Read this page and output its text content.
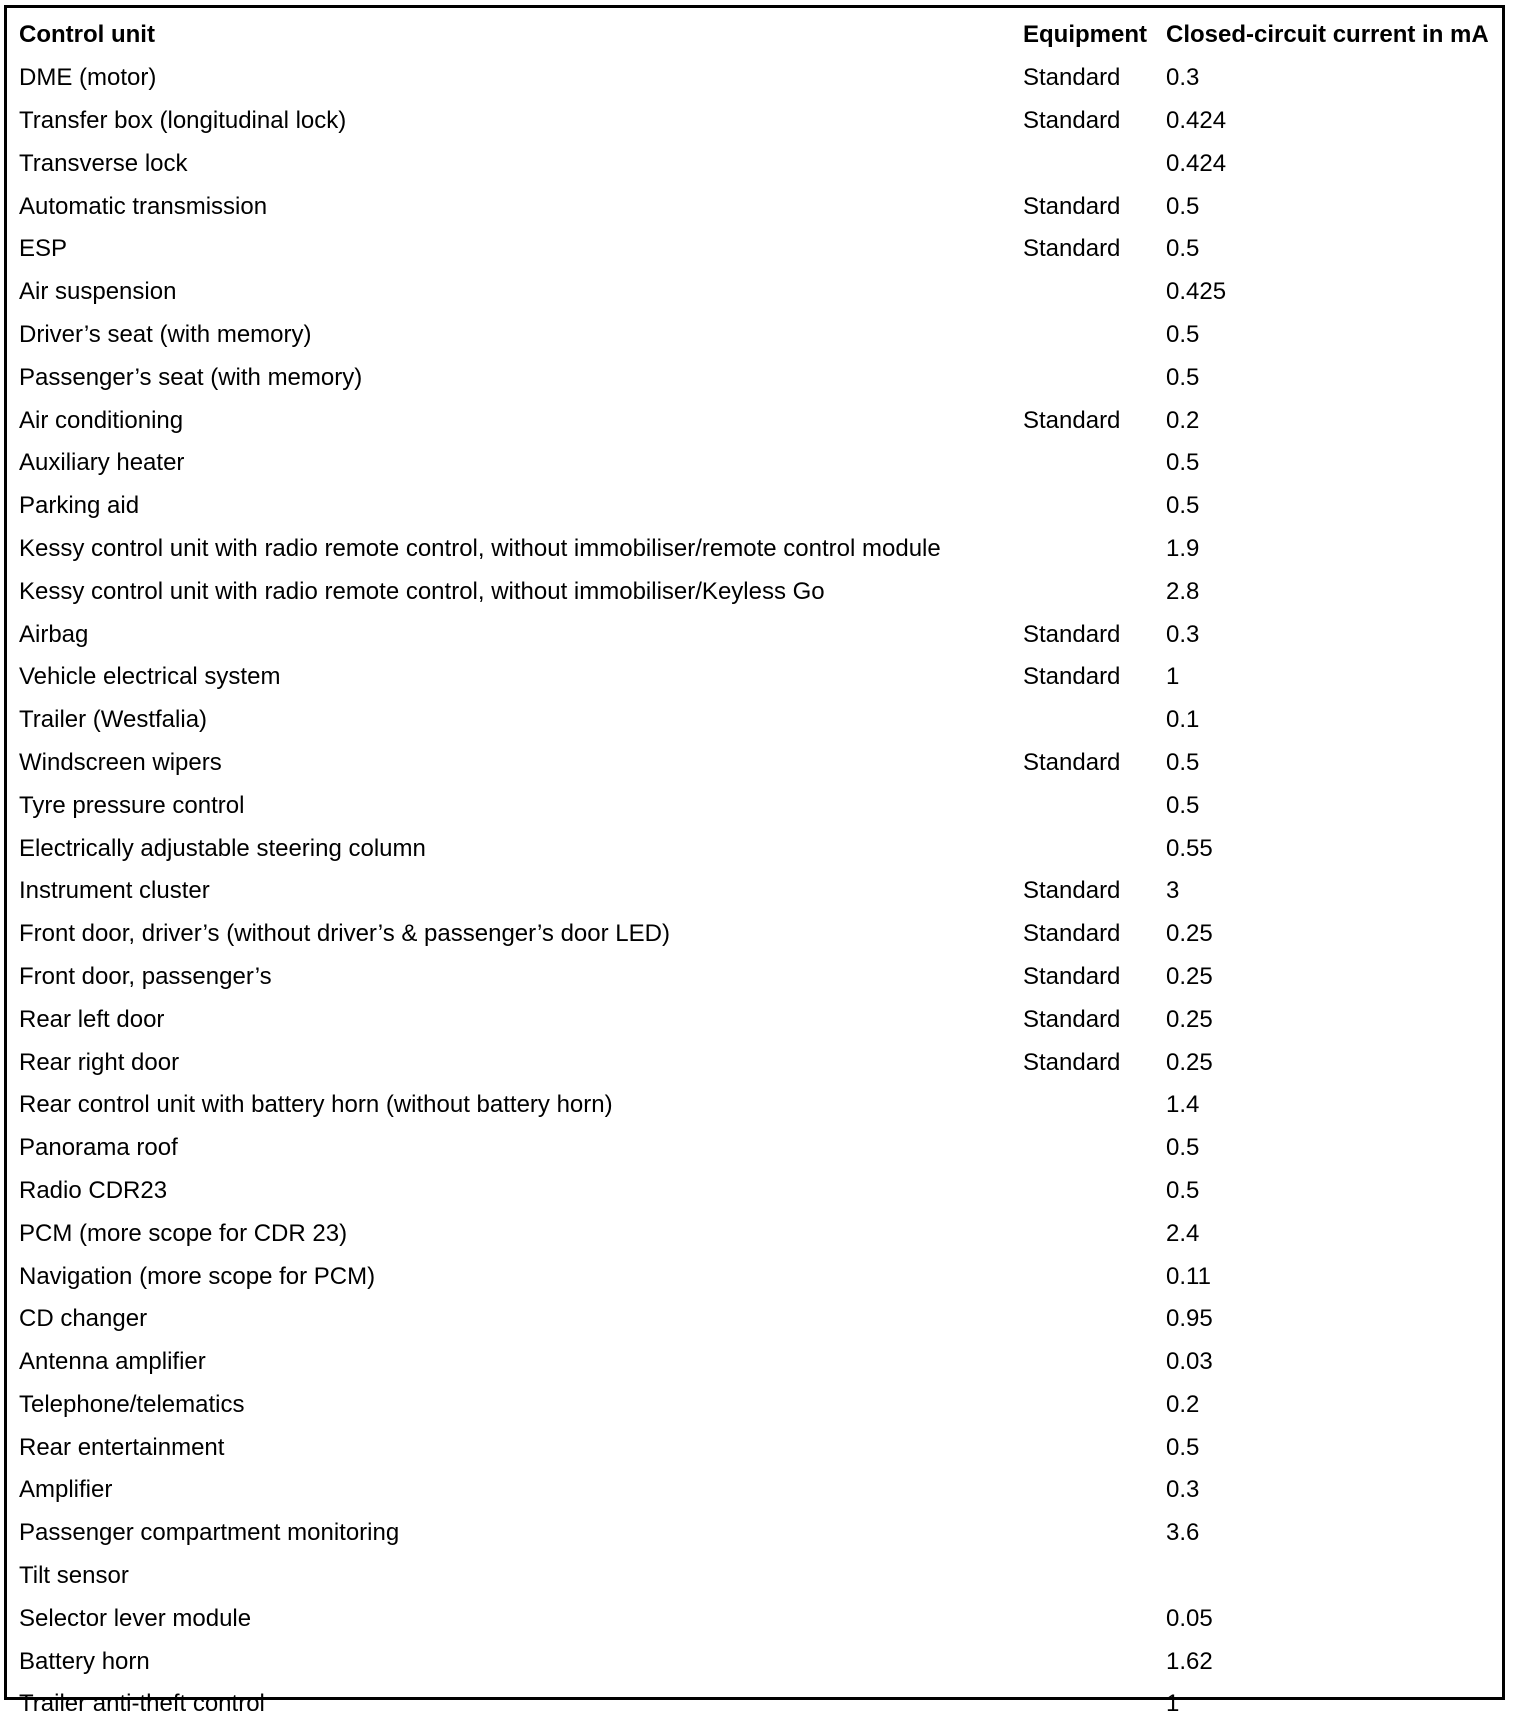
Control unit	Equipment	Closed-circuit current in mA
DME (motor)	Standard	0.3
Transfer box (longitudinal lock)	Standard	0.424
Transverse lock		0.424
Automatic transmission	Standard	0.5
ESP	Standard	0.5
Air suspension		0.425
Driver’s seat (with memory)		0.5
Passenger’s seat (with memory)		0.5
Air conditioning	Standard	0.2
Auxiliary heater		0.5
Parking aid		0.5
Kessy control unit with radio remote control, without immobiliser/remote control module		1.9
Kessy control unit with radio remote control, without immobiliser/Keyless Go		2.8
Airbag	Standard	0.3
Vehicle electrical system	Standard	1
Trailer (Westfalia)		0.1
Windscreen wipers	Standard	0.5
Tyre pressure control		0.5
Electrically adjustable steering column		0.55
Instrument cluster	Standard	3
Front door, driver’s (without driver’s & passenger’s door LED)	Standard	0.25
Front door, passenger’s	Standard	0.25
Rear left door	Standard	0.25
Rear right door	Standard	0.25
Rear control unit with battery horn (without battery horn)		1.4
Panorama roof		0.5
Radio CDR23		0.5
PCM (more scope for CDR 23)		2.4
Navigation (more scope for PCM)		0.11
CD changer		0.95
Antenna amplifier		0.03
Telephone/telematics		0.2
Rear entertainment		0.5
Amplifier		0.3
Passenger compartment monitoring		3.6
Tilt sensor		
Selector lever module		0.05
Battery horn		1.62
Trailer anti-theft control		1
